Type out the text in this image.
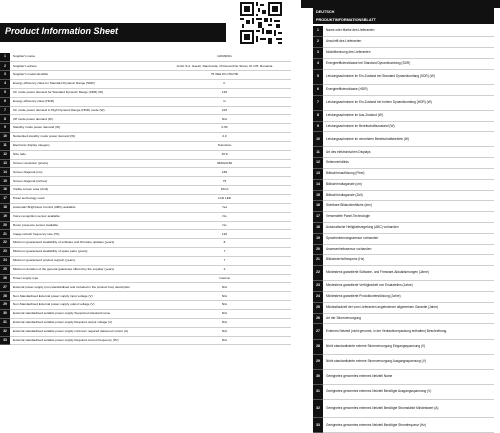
Product Information Sheet
1	Supplier's name	GRUNDIG
2	Supplier's adress	Arctic S.A. Gaesti, Dambovita, 13 Decembrie Street, Nr.178, Romania
3	Supplier's model identifier	75 XEE 83 CHA700
4	Energy efficiency class for Standard Dynamic Range (SDR)	F
5	On mode power demand for Standard Dynamic Range (SDR) (W)	129
6	Energy efficiency class (HDR)	G
7	On mode power demand in High Dynamic Range (HDR) mode (W)	215
8	Off mode power demand (W)	N/A
9	Standby mode power demand (W)	0.50
10	Networked standby mode power demand (W)	2.0
11	Electronic display category	Television
12	Size ratio	16:9
13	Screen resolution (pixels)	3840x2160
14	Screen diagonal (cm)	189
15	Screen diagonal (inches)	75
16	Visible screen area (dm2)	152,0
17	Panel technology used	LCD LED
18	Automatic Brightness Control (ABC) available	Yes
19	Voice recognition sensor available	No
20	Room presence sensor available	No
21	Image refresh frequency rate (Hz)	120
22	Minimum guaranteed availability of software and firmware updates (years)	8
23	Minimum guaranteed availability of spare parts (years)	7
24	Minimum guaranteed product support (years)	7
25	Minimum duration of the general guarantee offered by the supplier (years)	2
26	Power supply type	Internal
27	External power supply (non-standardised and included in the product box) description	N/A
28	Non-Standardised External power supply input voltage (V)	N/A
29	Non-Standardised External power supply output voltage (V)	N/A
30	External standardised suitable power supply Supported standard name	N/A
31	External standardised suitable power supply Required output voltage (V)	N/A
32	External standardised suitable power supply minimum required delivered current (A)	N/A
33	External standardised suitable power supply Required current frequency (Hz)	N/A
DEUTSCH
PRODUKTINFORMATIONSBLATT
1	Name oder Marke des Lieferanten
2	Anschrift des Lieferanten
3	Modellkennung des Lieferanten
4	Energieeffizienzklasse bei Standard Dynamikumfang (SDR)
5	Leistungsaufnahme im Ein-Zustand bei Standard Dynamikumfang (SDR) (W)
6	Energieeffizienzklasse (HDR)
7	Leistungsaufnahme im Ein-Zustand bei hohem Dynamikumfang (HDR) (W)
8	Leistungsaufnahme im Aus-Zustand (W)
9	Leistungsaufnahme im Bereitschaftszustand (W)
10	Leistungsaufnahme im vernetzten Bereitschaftsbetrieb (W)
11	Art des elektronischen Displays
12	Seitenverhältnis
13	Bildschirmauflösung (Pixel)
14	Bildschirmdiagonale (cm)
15	Bildschirmdiagonale (Zoll)
16	Sichtbare Bildschirmfläche (dm²)
17	Verwendete Panel-Technologie
18	Automatische Helligkeitsregelung (ABC) vorhanden
19	Spracherkennungssensor vorhanden
20	Anwesenheitssensor vorhanden
21	Bildwiederholfrequenz (Hz)
22	Mindestens garantierte Software- und Firmware-Aktualisierungen (Jahre)
23	Mindestens garantierte Verfügbarkeit von Ersatzteilen (Jahre)
24	Mindestens garantierte Produktunterstützung (Jahre)
25	Mindestlaufzeit der vom Lieferanten angebotenen allgemeinen Garantie (Jahre)
26	Art der Stromversorgung
27	Externes Netzteil (nicht genormt, in der Verkaufsverpackung enthalten) Beschreibung
28	Nicht standardisierte externe Stromversorgung Eingangsspannung (V)
29	Nicht standardisierte externe Stromversorgung Ausgangsspannung (V)
30	Geeignetes genormtes externes Netzteil Name
31	Geeignetes genormtes externes Netzteil Benötigte Ausgangsspannung (V)
32	Geeignetes genormtes externes Netzteil Benötigte Stromstärke Mindestwert (A)
33	Geeignetes genormtes externes Netzteil Benötigte Stromfrequenz (Hz)
